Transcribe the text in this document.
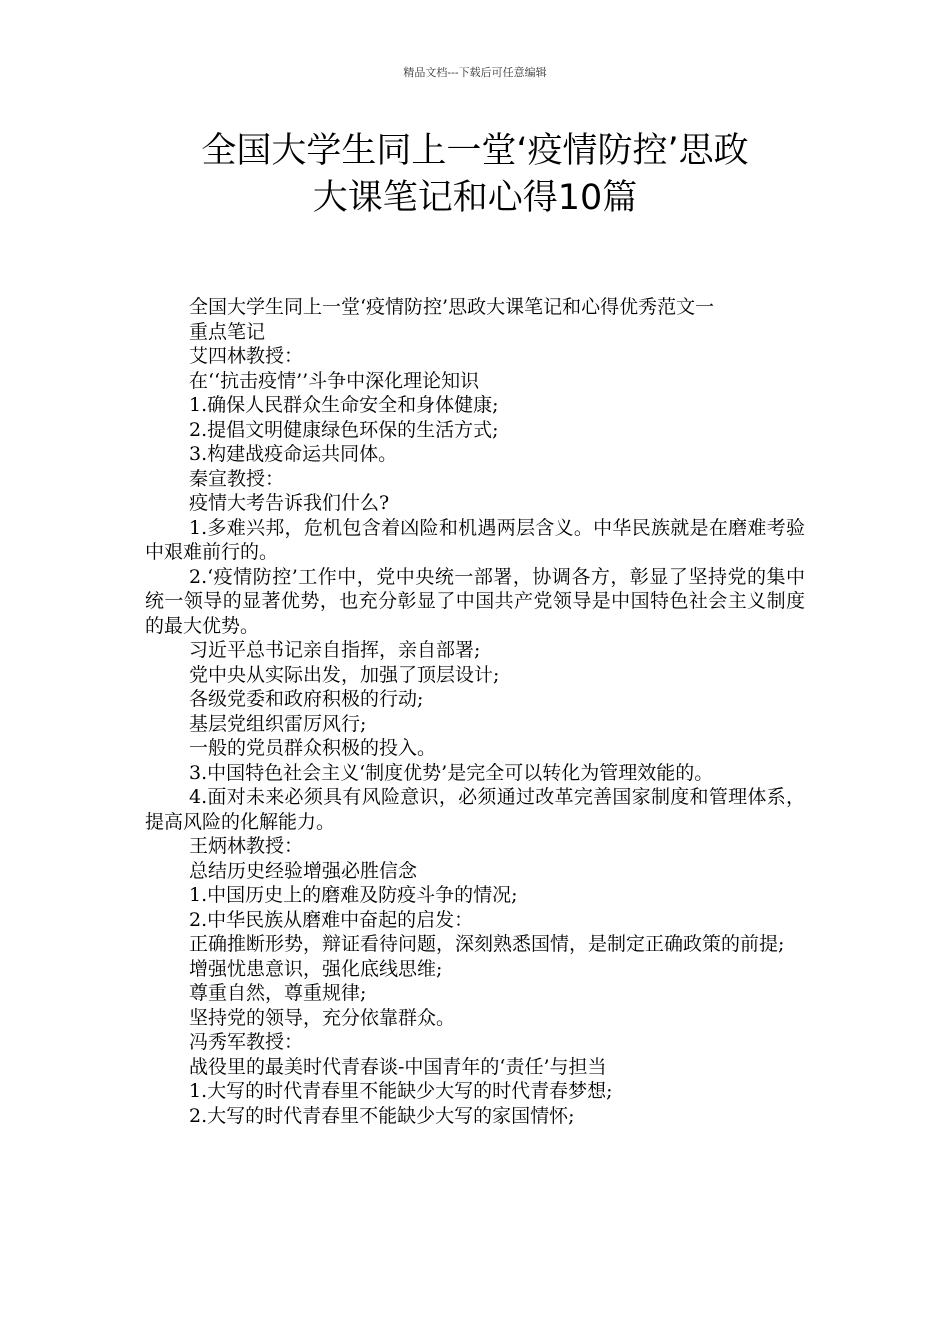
精品文档---下载后可任意编辑
全国大学生同上一堂‘疫情防控’思政
大课笔记和心得10篇

全国大学生同上一堂‘疫情防控’思政大课笔记和心得优秀范文一

重点笔记

艾四林教授：

在‘‘抗击疫情’’斗争中深化理论知识

1.确保人民群众生命安全和身体健康;

2.提倡文明健康绿色环保的生活方式;

3.构建战疫命运共同体。

秦宣教授：

疫情大考告诉我们什么?

1.多难兴邦，危机包含着凶险和机遇两层含义。中华民族就是在磨难考验中艰难前行的。

2.‘疫情防控’工作中，党中央统一部署，协调各方，彰显了坚持党的集中统一领导的显著优势，也充分彰显了中国共产党领导是中国特色社会主义制度的最大优势。

习近平总书记亲自指挥，亲自部署;

党中央从实际出发，加强了顶层设计;

各级党委和政府积极的行动;

基层党组织雷厉风行;

一般的党员群众积极的投入。

3.中国特色社会主义‘制度优势’是完全可以转化为管理效能的。

4.面对未来必须具有风险意识，必须通过改革完善国家制度和管理体系，提高风险的化解能力。

王炳林教授：

总结历史经验增强必胜信念

1.中国历史上的磨难及防疫斗争的情况;

2.中华民族从磨难中奋起的启发：

正确推断形势，辩证看待问题，深刻熟悉国情，是制定正确政策的前提;

增强忧患意识，强化底线思维;

尊重自然，尊重规律;

坚持党的领导，充分依靠群众。

冯秀军教授：

战役里的最美时代青春谈-中国青年的‘责任’与担当

1.大写的时代青春里不能缺少大写的时代青春梦想;

2.大写的时代青春里不能缺少大写的家国情怀;
